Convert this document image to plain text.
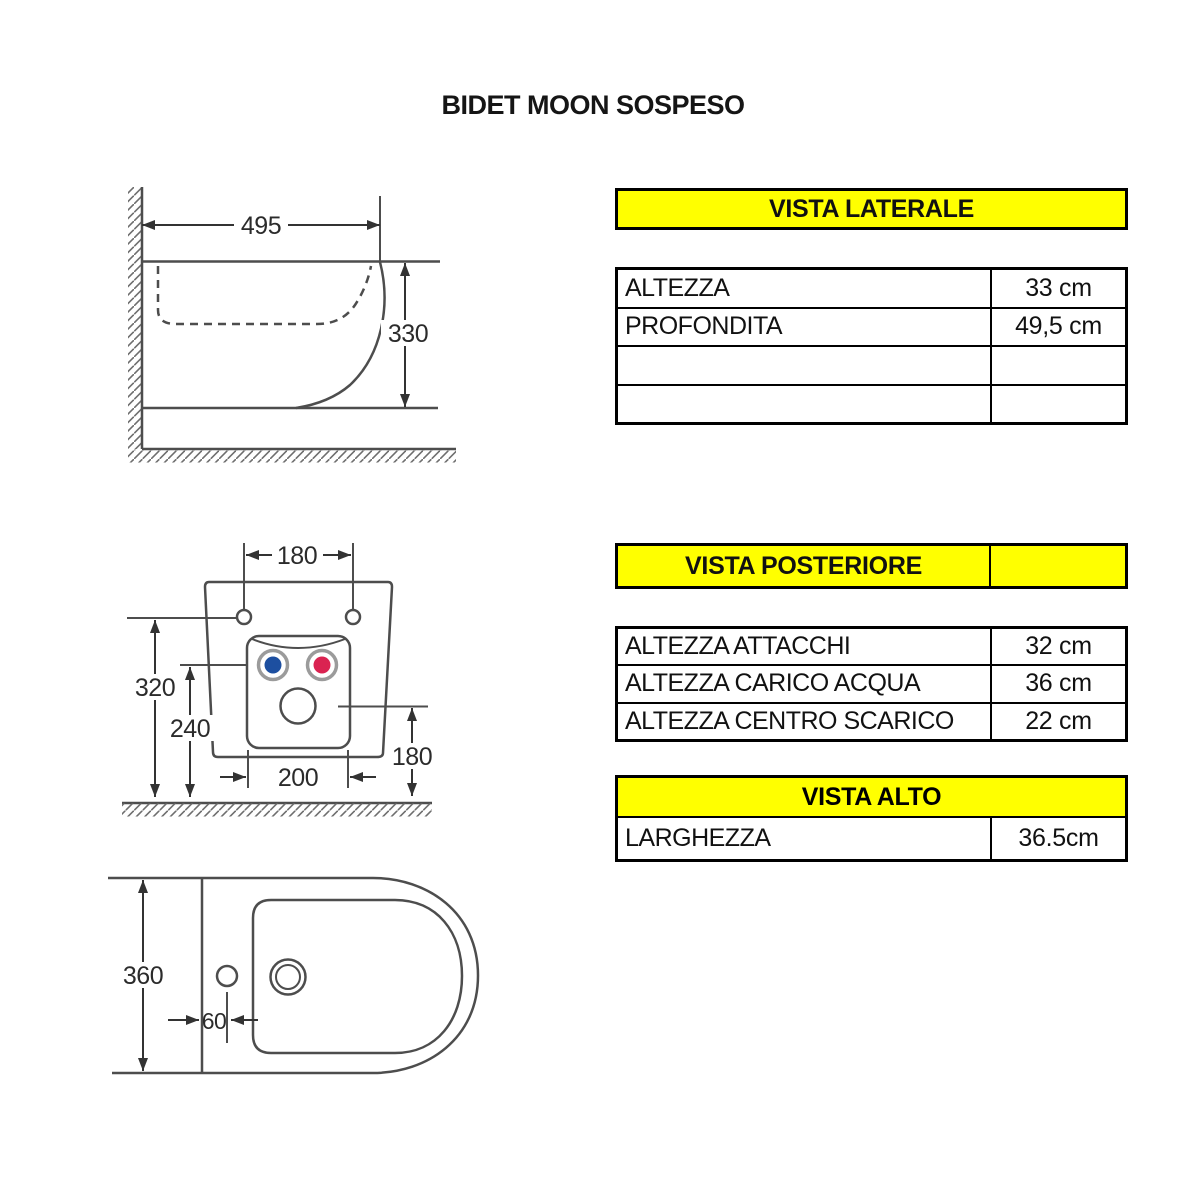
BIDET MOON SOSPESO
495
330
180
320
240
180
200
360
60
VISTA LATERALE
ALTEZZA	33 cm
PROFONDITA	49,5 cm
VISTA POSTERIORE
ALTEZZA ATTACCHI	32 cm
ALTEZZA CARICO ACQUA	36 cm
ALTEZZA CENTRO SCARICO	22 cm
VISTA ALTO
LARGHEZZA	36.5cm
